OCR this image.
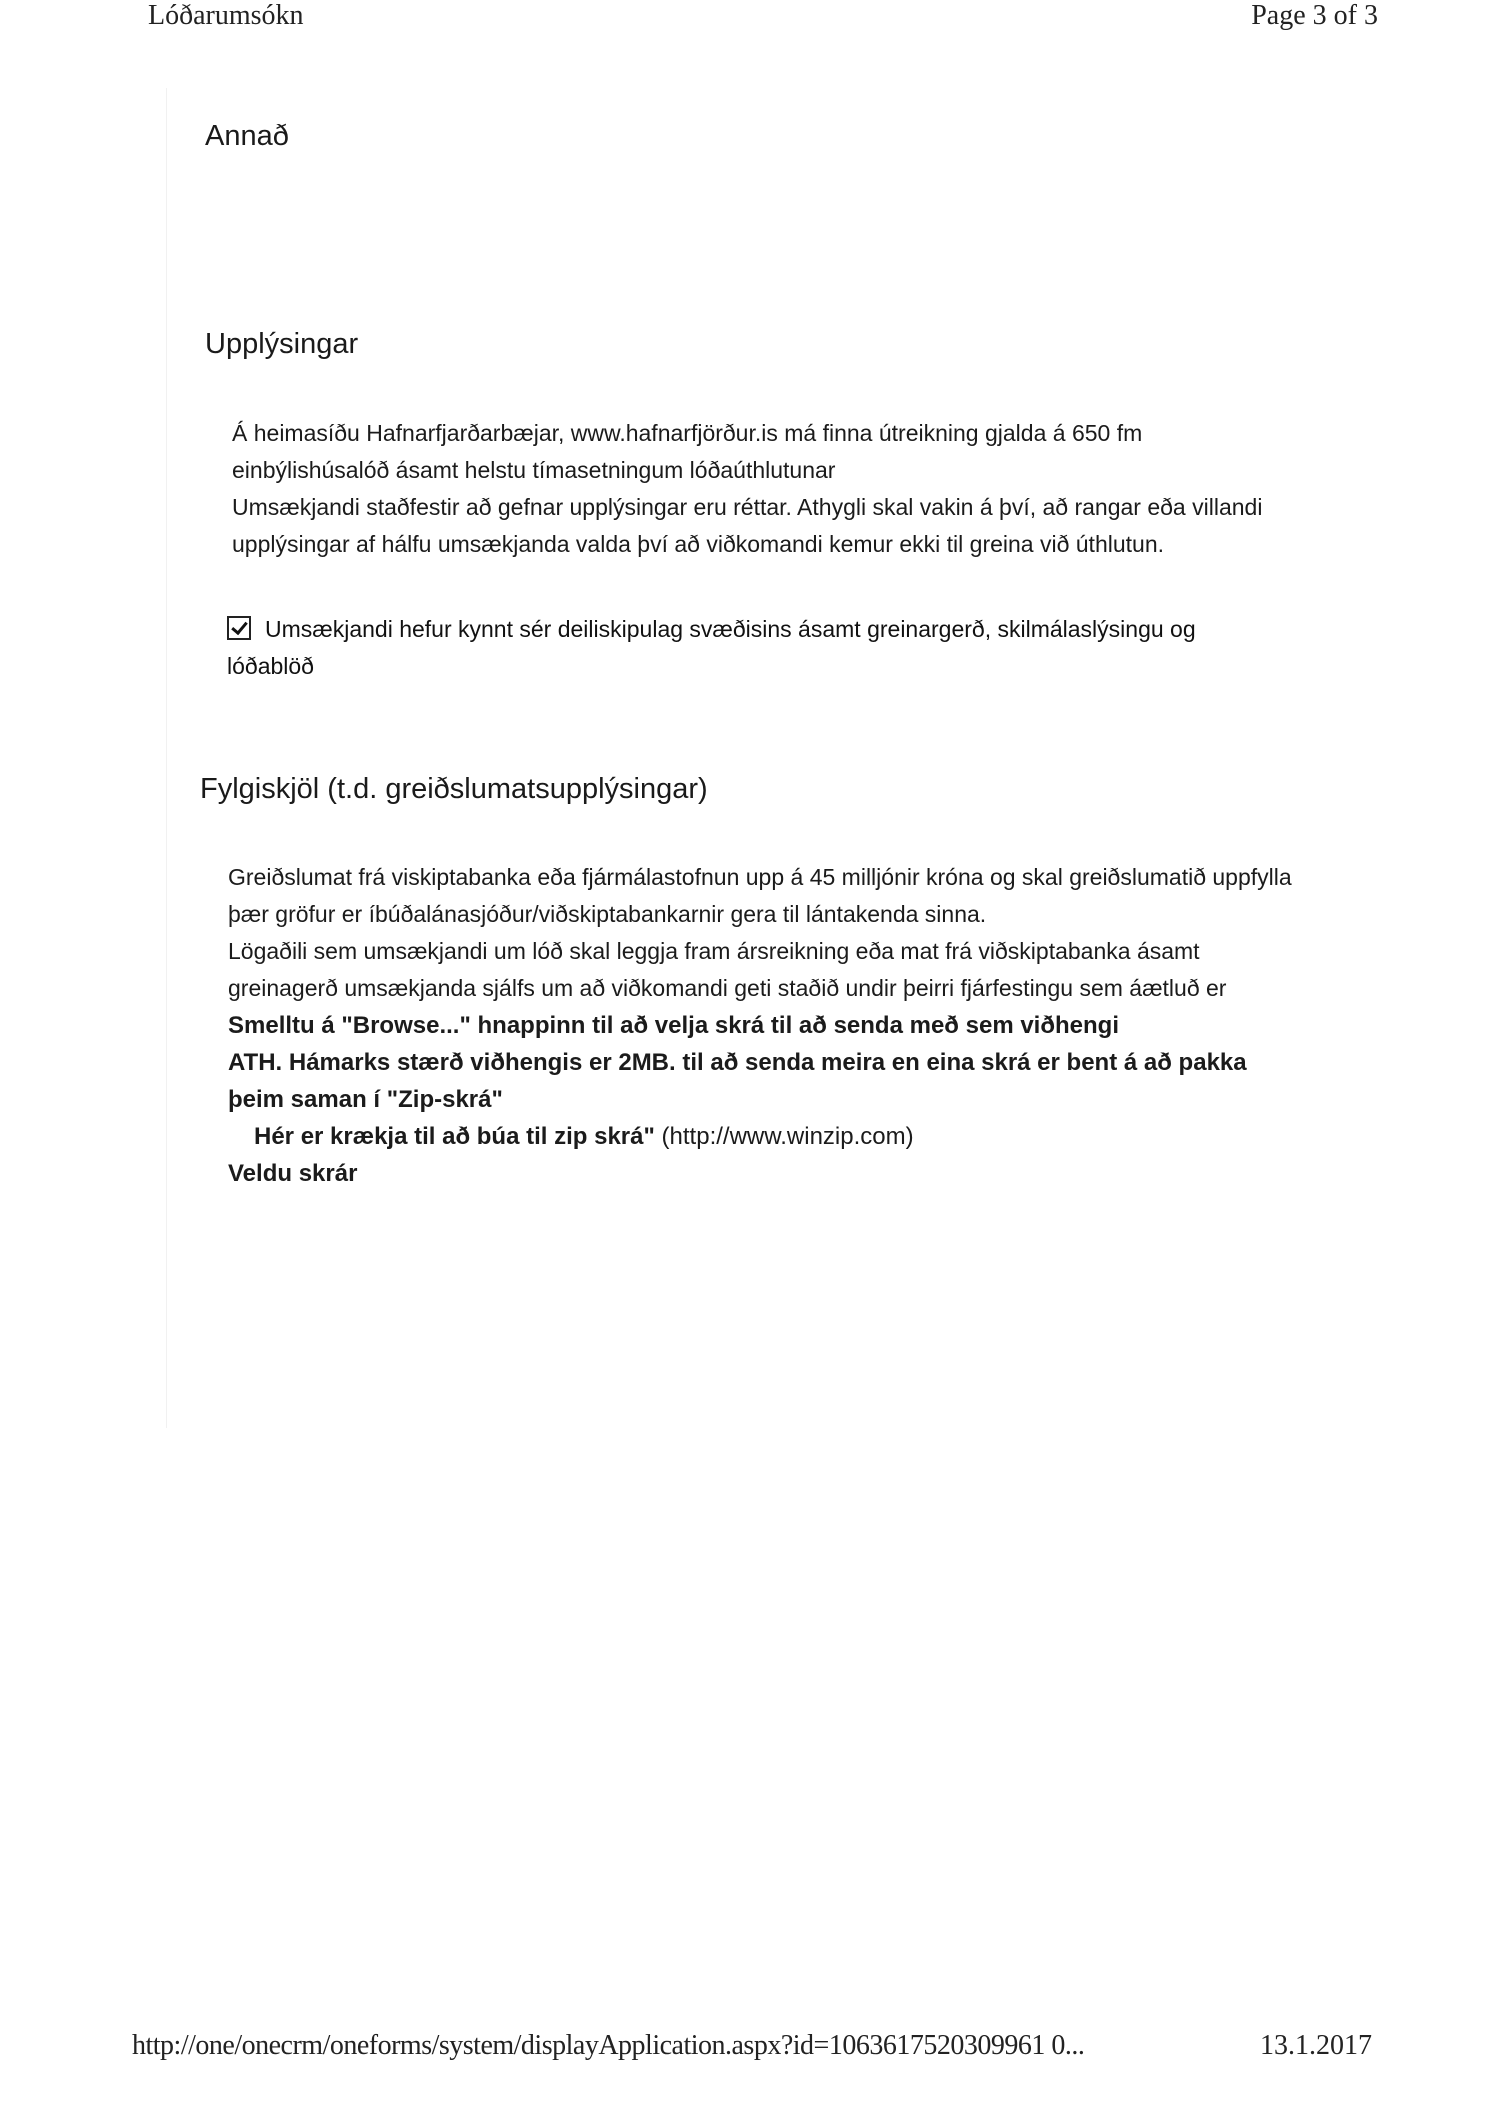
Lóðarumsókn	Page 3 of 3
Annað
Upplýsingar

Á heimasíðu Hafnarfjarðarbæjar, www.hafnarfjörður.is má finna útreikning gjalda á 650 fm einbýlishúsalóð ásamt helstu tímasetningum lóðaúthlutunar

Umsækjandi staðfestir að gefnar upplýsingar eru réttar. Athygli skal vakin á því, að rangar eða villandi upplýsingar af hálfu umsækjanda valda því að viðkomandi kemur ekki til greina við úthlutun.

Umsækjandi hefur kynnt sér deiliskipulag svæðisins ásamt greinargerð, skilmálaslýsingu og lóðablöð
Fylgiskjöl (t.d. greiðslumatsupplýsingar)

Greiðslumat frá viskiptabanka eða fjármálastofnun upp á 45 milljónir króna og skal greiðslumatið uppfylla þær gröfur er íbúðalánasjóður/viðskiptabankarnir gera til lántakenda sinna.

Lögaðili sem umsækjandi um lóð skal leggja fram ársreikning eða mat frá viðskiptabanka ásamt greinagerð umsækjanda sjálfs um að viðkomandi geti staðið undir þeirri fjárfestingu sem áætluð er

Smelltu á "Browse..." hnappinn til að velja skrá til að senda með sem viðhengi

ATH. Hámarks stærð viðhengis er 2MB. til að senda meira en eina skrá er bent á að pakka þeim saman í "Zip-skrá"

Hér er krækja til að búa til zip skrá" (http://www.winzip.com)

Veldu skrár

http://one/onecrm/oneforms/system/displayApplication.aspx?id=1063617520309961 0...	13.1.2017
